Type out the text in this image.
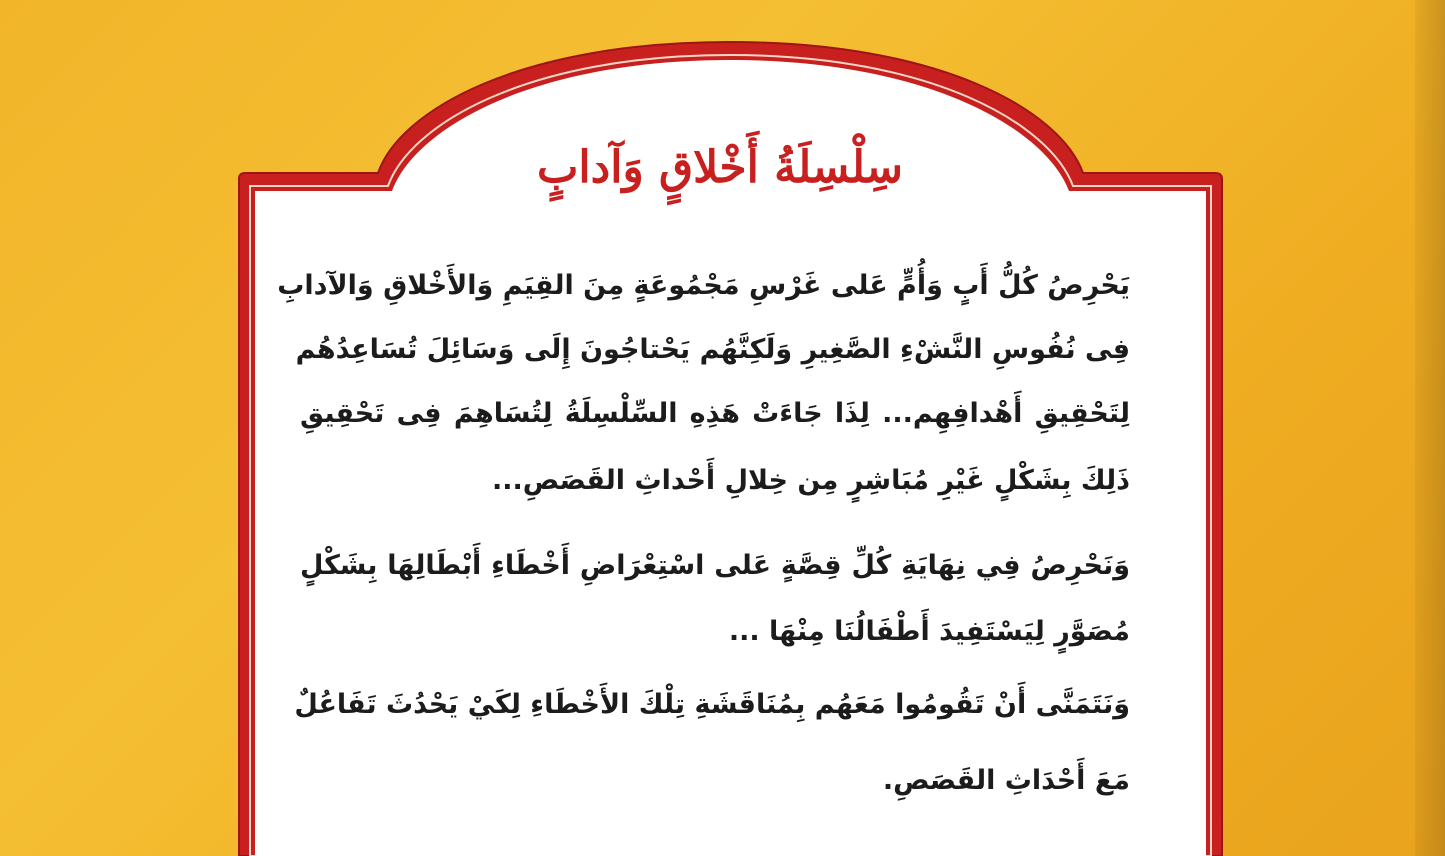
سِلْسِلَةُ أَخْلاقٍ وَآدابٍ
يَحْرِصُ كُلُّ أَبٍ وَأُمٍّ عَلى غَرْسِ مَجْمُوعَةٍ مِنَ القِيَمِ وَالأَخْلاقِ وَالآدابِ
فِى نُفُوسِ النَّشْءِ الصَّغِيرِ وَلَكِنَّهُم يَحْتاجُونَ إِلَى وَسَائِلَ تُسَاعِدُهُم
لِتَحْقِيقِ أَهْدافِهِم... لِذَا جَاءَتْ هَذِهِ السِّلْسِلَةُ لِتُسَاهِمَ فِى تَحْقِيقِ
ذَلِكَ بِشَكْلٍ غَيْرِ مُبَاشِرٍ مِن خِلالِ أَحْداثِ القَصَصِ...
وَنَحْرِصُ فِي نِهَايَةِ كُلِّ قِصَّةٍ عَلى اسْتِعْرَاضِ أَخْطَاءِ أَبْطَالِهَا بِشَكْلٍ
مُصَوَّرٍ لِيَسْتَفِيدَ أَطْفَالُنَا مِنْهَا ...
وَنَتَمَنَّى أَنْ تَقُومُوا مَعَهُم بِمُنَاقَشَةِ تِلْكَ الأَخْطَاءِ لِكَيْ يَحْدُثَ تَفَاعُلٌ
مَعَ أَحْدَاثِ القَصَصِ.
